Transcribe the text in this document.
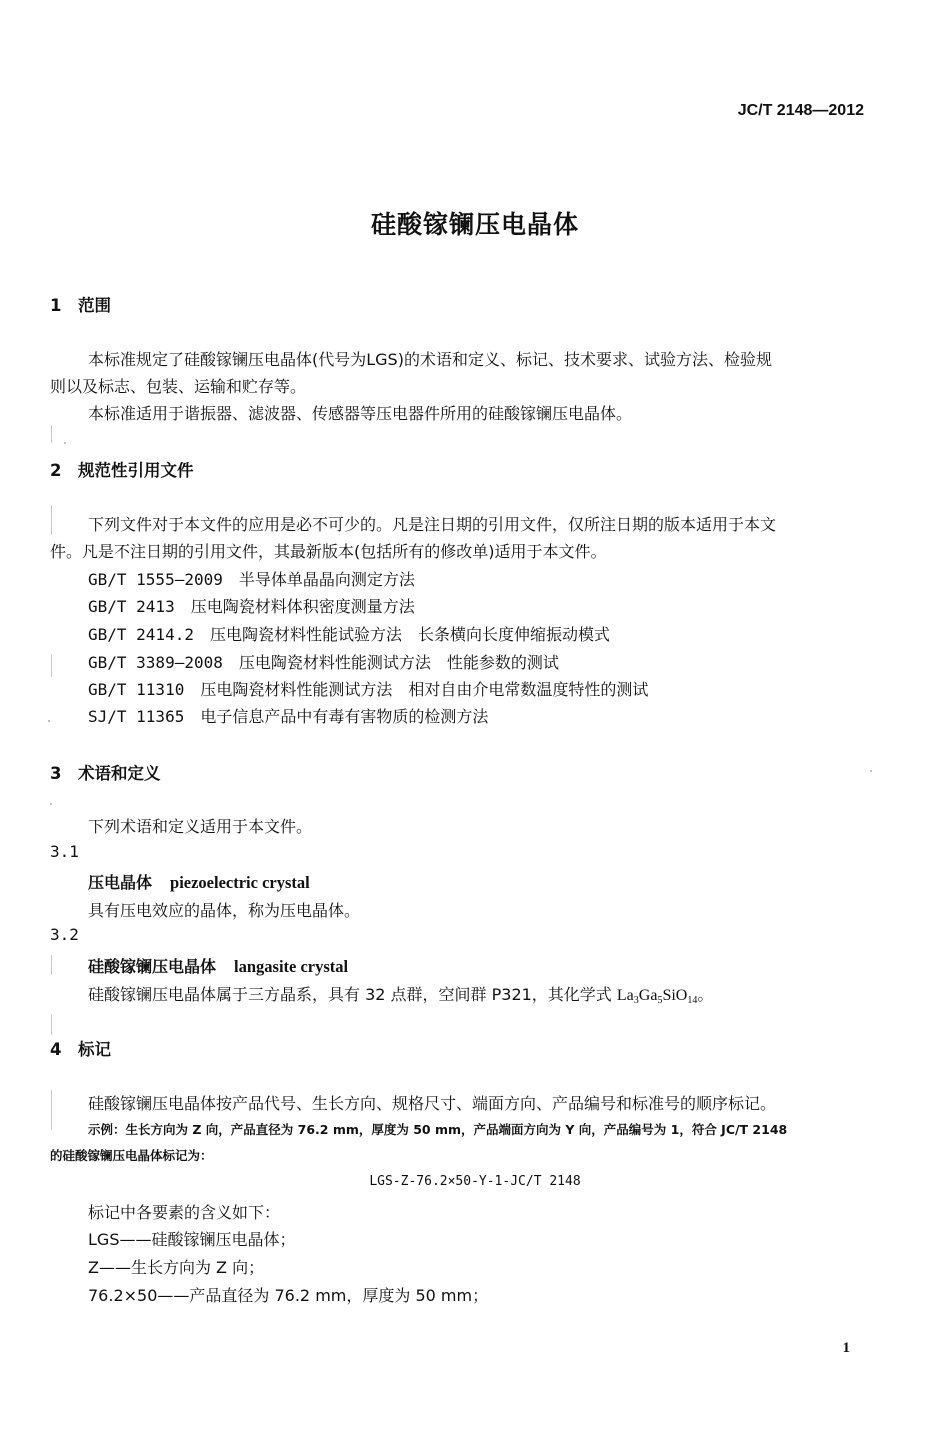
JC/T 2148—2012
硅酸镓镧压电晶体
1 范围
本标准规定了硅酸镓镧压电晶体(代号为LGS)的术语和定义、标记、技术要求、试验方法、检验规
则以及标志、包装、运输和贮存等。
本标准适用于谐振器、滤波器、传感器等压电器件所用的硅酸镓镧压电晶体。
2 规范性引用文件
下列文件对于本文件的应用是必不可少的。凡是注日期的引用文件，仅所注日期的版本适用于本文
件。凡是不注日期的引用文件，其最新版本(包括所有的修改单)适用于本文件。
GB/T 1555—2009 半导体单晶晶向测定方法
GB/T 2413 压电陶瓷材料体积密度测量方法
GB/T 2414.2 压电陶瓷材料性能试验方法　长条横向长度伸缩振动模式
GB/T 3389—2008 压电陶瓷材料性能测试方法　性能参数的测试
GB/T 11310 压电陶瓷材料性能测试方法　相对自由介电常数温度特性的测试
SJ/T 11365 电子信息产品中有毒有害物质的检测方法
3 术语和定义
下列术语和定义适用于本文件。
3.1
压电晶体 piezoelectric crystal
具有压电效应的晶体，称为压电晶体。
3.2
硅酸镓镧压电晶体 langasite crystal
硅酸镓镧压电晶体属于三方晶系，具有 32 点群，空间群 P321，其化学式 $La_3Ga_5SiO_{14}$。
4 标记
硅酸镓镧压电晶体按产品代号、生长方向、规格尺寸、端面方向、产品编号和标准号的顺序标记。
示例：生长方向为 Z 向，产品直径为 76.2 mm，厚度为 50 mm，产品端面方向为 Y 向，产品编号为 1，符合 JC/T 2148
的硅酸镓镧压电晶体标记为：
LGS-Z-76.2×50-Y-1-JC/T 2148
标记中各要素的含义如下：
LGS——硅酸镓镧压电晶体；
Z——生长方向为 Z 向；
76.2×50——产品直径为 76.2 mm，厚度为 50 mm；
1
